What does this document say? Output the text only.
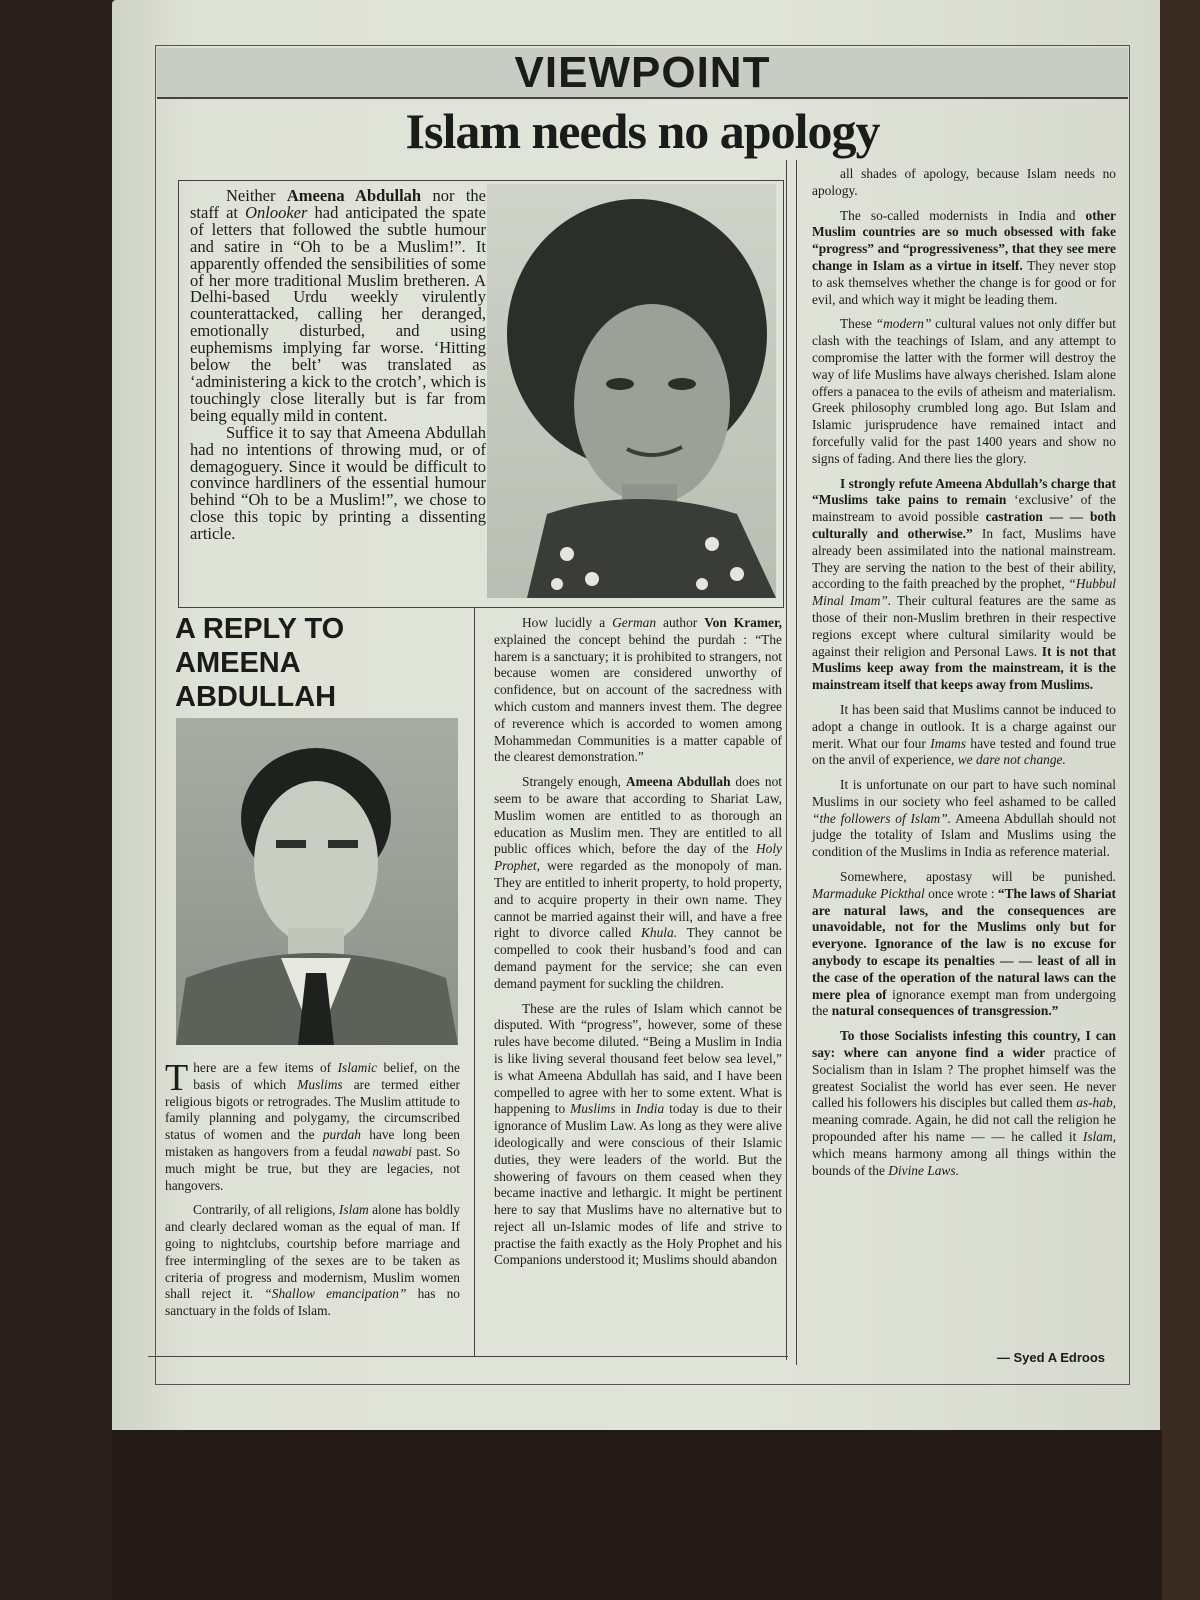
VIEWPOINT
Islam needs no apology

Neither Ameena Abdullah nor the staff at Onlooker had anticipated the spate of letters that followed the subtle humour and satire in “Oh to be a Muslim!”. It apparently offended the sensibilities of some of her more traditional Muslim bretheren. A Delhi-based Urdu weekly virulently counterattacked, calling her deranged, emotionally disturbed, and using euphemisms implying far worse. ‘Hitting below the belt’ was translated as ‘administering a kick to the crotch’, which is touchingly close literally but is far from being equally mild in content.

Suffice it to say that Ameena Abdullah had no intentions of throwing mud, or of demagoguery. Since it would be difficult to convince hardliners of the essential humour behind “Oh to be a Muslim!”, we chose to close this topic by printing a dissenting article.

A REPLY TO
AMEENA
ABDULLAH

There are a few items of Islamic belief, on the basis of which Muslims are termed either religious bigots or retrogrades. The Muslim attitude to family planning and polygamy, the circumscribed status of women and the purdah have long been mistaken as hangovers from a feudal nawabi past. So much might be true, but they are legacies, not hangovers.

Contrarily, of all religions, Islam alone has boldly and clearly declared woman as the equal of man. If going to nightclubs, courtship before marriage and free intermingling of the sexes are to be taken as criteria of progress and modernism, Muslim women shall reject it. “Shallow emancipation” has no sanctuary in the folds of Islam.

How lucidly a German author Von Kramer, explained the concept behind the purdah : “The harem is a sanctuary; it is prohibited to strangers, not because women are considered unworthy of confidence, but on account of the sacredness with which custom and manners invest them. The degree of reverence which is accorded to women among Mohammedan Communities is a matter capable of the clearest demonstration.”

Strangely enough, Ameena Abdullah does not seem to be aware that according to Shariat Law, Muslim women are entitled to as thorough an education as Muslim men. They are entitled to all public offices which, before the day of the Holy Prophet, were regarded as the monopoly of man. They are entitled to inherit property, to hold property, and to acquire property in their own name. They cannot be married against their will, and have a free right to divorce called Khula. They cannot be compelled to cook their husband’s food and can demand payment for the service; she can even demand payment for suckling the children.

These are the rules of Islam which cannot be disputed. With “progress”, however, some of these rules have become diluted. “Being a Muslim in India is like living several thousand feet below sea level,” is what Ameena Abdullah has said, and I have been compelled to agree with her to some extent. What is happening to Muslims in India today is due to their ignorance of Muslim Law. As long as they were alive ideologically and were conscious of their Islamic duties, they were leaders of the world. But the showering of favours on them ceased when they became inactive and lethargic. It might be pertinent here to say that Muslims have no alternative but to reject all un-Islamic modes of life and strive to practise the faith exactly as the Holy Prophet and his Companions understood it; Muslims should abandon

all shades of apology, because Islam needs no apology.

The so-called modernists in India and other Muslim countries are so much obsessed with fake “progress” and “progressiveness”, that they see mere change in Islam as a virtue in itself. They never stop to ask themselves whether the change is for good or for evil, and which way it might be leading them.

These “modern” cultural values not only differ but clash with the teachings of Islam, and any attempt to compromise the latter with the former will destroy the way of life Muslims have always cherished. Islam alone offers a panacea to the evils of atheism and materialism. Greek philosophy crumbled long ago. But Islam and Islamic jurisprudence have remained intact and forcefully valid for the past 1400 years and show no signs of fading. And there lies the glory.

I strongly refute Ameena Abdullah’s charge that “Muslims take pains to remain ‘exclusive’ of the mainstream to avoid possible castration — — both culturally and otherwise.” In fact, Muslims have already been assimilated into the national mainstream. They are serving the nation to the best of their ability, according to the faith preached by the prophet, “Hubbul Minal Imam”. Their cultural features are the same as those of their non-Muslim brethren in their respective regions except where cultural similarity would be against their religion and Personal Laws. It is not that Muslims keep away from the mainstream, it is the mainstream itself that keeps away from Muslims.

It has been said that Muslims cannot be induced to adopt a change in outlook. It is a charge against our merit. What our four Imams have tested and found true on the anvil of experience, we dare not change.

It is unfortunate on our part to have such nominal Muslims in our society who feel ashamed to be called “the followers of Islam”. Ameena Abdullah should not judge the totality of Islam and Muslims using the condition of the Muslims in India as reference material.

Somewhere, apostasy will be punished. Marmaduke Pickthal once wrote : “The laws of Shariat are natural laws, and the consequences are unavoidable, not for the Muslims only but for everyone. Ignorance of the law is no excuse for anybody to escape its penalties — — least of all in the case of the operation of the natural laws can the mere plea of ignorance exempt man from undergoing the natural consequences of transgression.”

To those Socialists infesting this country, I can say: where can anyone find a wider practice of Socialism than in Islam ? The prophet himself was the greatest Socialist the world has ever seen. He never called his followers his disciples but called them as-hab, meaning comrade. Again, he did not call the religion he propounded after his name — — he called it Islam, which means harmony among all things within the bounds of the Divine Laws.

— Syed A Edroos
